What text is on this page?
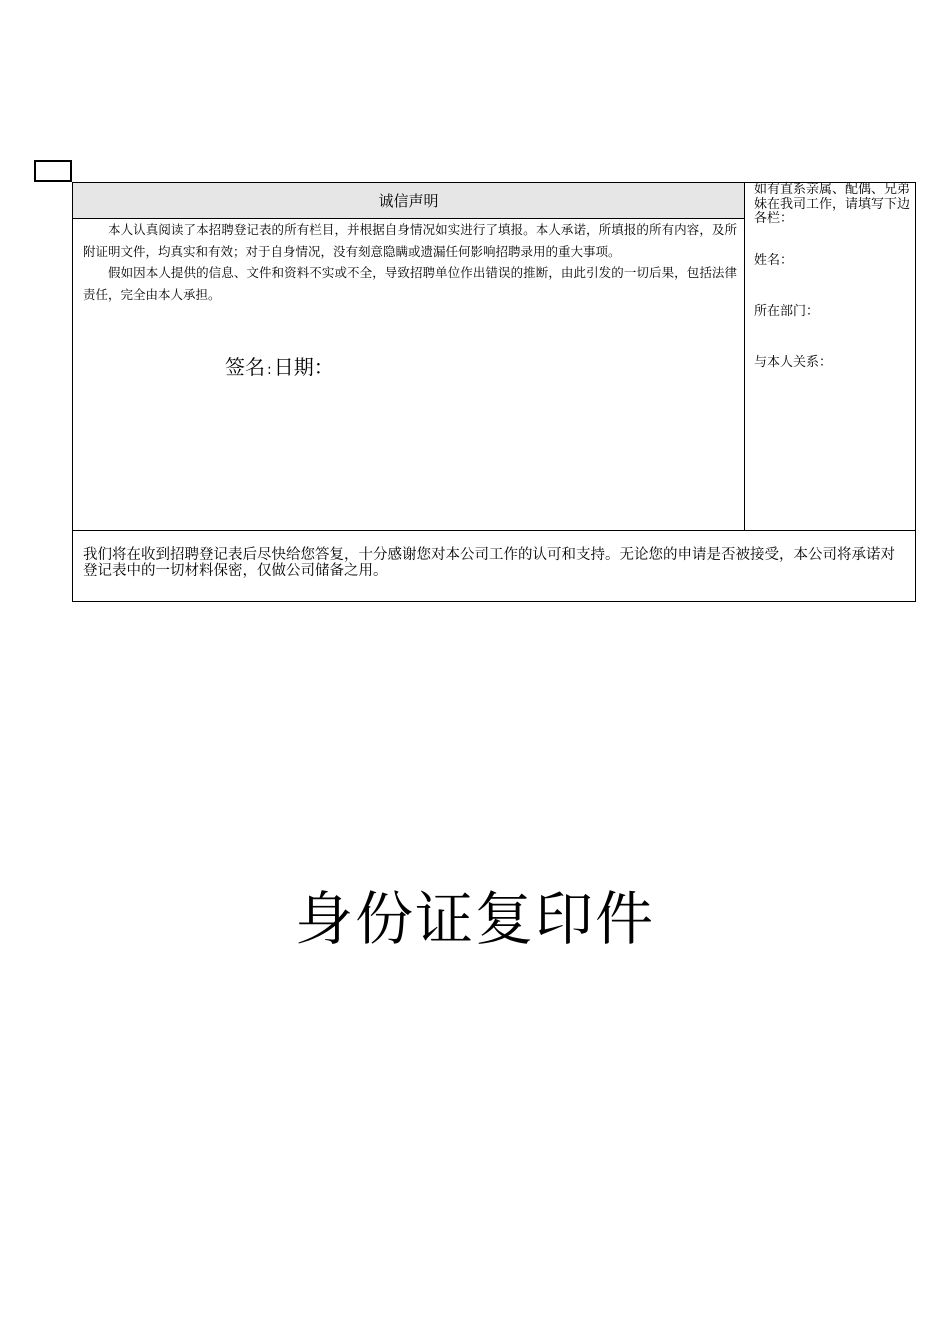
诚信声明

本人认真阅读了本招聘登记表的所有栏目，并根据自身情况如实进行了填报。本人承诺，所填报的所有内容，及所附证明文件，均真实和有效；对于自身情况，没有刻意隐瞒或遗漏任何影响招聘录用的重大事项。

假如因本人提供的信息、文件和资料不实或不全，导致招聘单位作出错误的推断，由此引发的一切后果，包括法律责任，完全由本人承担。

签名 : 日期：

如有直系亲属、配偶、兄弟妹在我司工作，请填写下边各栏：

姓名：
所在部门：
与本人关系：
我们将在收到招聘登记表后尽快给您答复，十分感谢您对本公司工作的认可和支持。无论您的申请是否被接受，本公司将承诺对登记表中的一切材料保密，仅做公司储备之用。
身份证复印件
